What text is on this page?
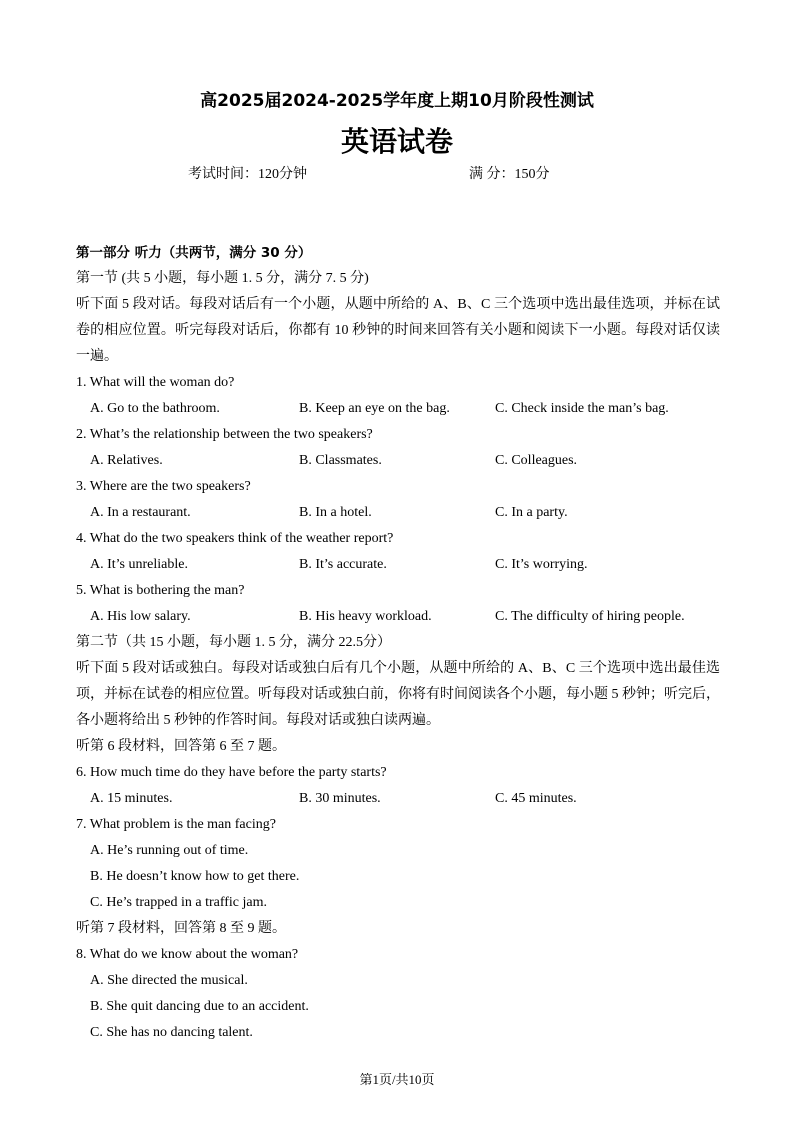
高2025届2024-2025学年度上期10月阶段性测试
英语试卷
考试时间：120分钟	满 分：150分
第一部分 听力（共两节，满分 30 分）
第一节 (共 5 小题，每小题 1. 5 分，满分 7. 5 分)
听下面 5 段对话。每段对话后有一个小题，从题中所给的 A、B、C 三个选项中选出最佳选项，并标在试卷的相应位置。听完每段对话后，你都有 10 秒钟的时间来回答有关小题和阅读下一小题。每段对话仅读一遍。
1. What will the woman do?
A. Go to the bathroom.	B. Keep an eye on the bag.	C. Check inside the man’s bag.
2. What’s the relationship between the two speakers?
A. Relatives.	B. Classmates.	C. Colleagues.
3. Where are the two speakers?
A. In a restaurant.	B. In a hotel.	C. In a party.
4. What do the two speakers think of the weather report?
A. It’s unreliable.	B. It’s accurate.	C. It’s worrying.
5. What is bothering the man?
A. His low salary.	B. His heavy workload.	C. The difficulty of hiring people.
第二节（共 15 小题，每小题 1. 5 分，满分 22.5分）
听下面 5 段对话或独白。每段对话或独白后有几个小题，从题中所给的 A、B、C 三个选项中选出最佳选项，并标在试卷的相应位置。听每段对话或独白前，你将有时间阅读各个小题，每小题 5 秒钟；听完后，各小题将给出 5 秒钟的作答时间。每段对话或独白读两遍。
听第 6 段材料，回答第 6 至 7 题。
6. How much time do they have before the party starts?
A. 15 minutes.	B. 30 minutes.	C. 45 minutes.
7. What problem is the man facing?
A. He’s running out of time.
B. He doesn’t know how to get there.
C. He’s trapped in a traffic jam.
听第 7 段材料，回答第 8 至 9 题。
8. What do we know about the woman?
A. She directed the musical.
B. She quit dancing due to an accident.
C. She has no dancing talent.
第1页/共10页
